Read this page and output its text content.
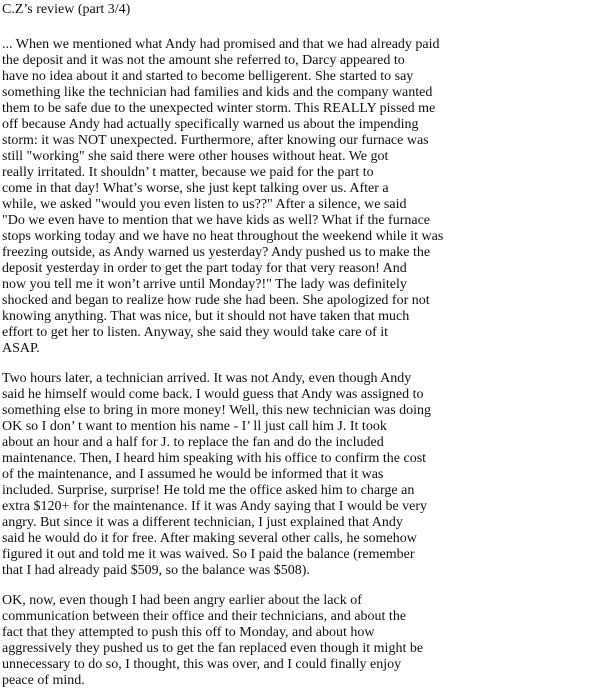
C.Z’s review (part 3/4)
... When we mentioned what Andy had promised and that we had already paid
the deposit and it was not the amount she referred to, Darcy appeared to
have no idea about it and started to become belligerent. She started to say
something like the technician had families and kids and the company wanted
them to be safe due to the unexpected winter storm. This REALLY pissed me
off because Andy had actually specifically warned us about the impending
storm: it was NOT unexpected. Furthermore, after knowing our furnace was
still "working" she said there were other houses without heat. We got
really irritated. It shouldn’ t matter, because we paid for the part to
come in that day! What’s worse, she just kept talking over us. After a
while, we asked "would you even listen to us??" After a silence, we said
"Do we even have to mention that we have kids as well? What if the furnace
stops working today and we have no heat throughout the weekend while it was
freezing outside, as Andy warned us yesterday? Andy pushed us to make the
deposit yesterday in order to get the part today for that very reason! And
now you tell me it won’t arrive until Monday?!" The lady was definitely
shocked and began to realize how rude she had been. She apologized for not
knowing anything. That was nice, but it should not have taken that much
effort to get her to listen. Anyway, she said they would take care of it
ASAP.
Two hours later, a technician arrived. It was not Andy, even though Andy
said he himself would come back. I would guess that Andy was assigned to
something else to bring in more money! Well, this new technician was doing
OK so I don’ t want to mention his name - I’ ll just call him J. It took
about an hour and a half for J. to replace the fan and do the included
maintenance. Then, I heard him speaking with his office to confirm the cost
of the maintenance, and I assumed he would be informed that it was
included. Surprise, surprise! He told me the office asked him to charge an
extra $120+ for the maintenance. If it was Andy saying that I would be very
angry. But since it was a different technician, I just explained that Andy
said he would do it for free. After making several other calls, he somehow
figured it out and told me it was waived. So I paid the balance (remember
that I had already paid $509, so the balance was $508).
OK, now, even though I had been angry earlier about the lack of
communication between their office and their technicians, and about the
fact that they attempted to push this off to Monday, and about how
aggressively they pushed us to get the fan replaced even though it might be
unnecessary to do so, I thought, this was over, and I could finally enjoy
peace of mind.
